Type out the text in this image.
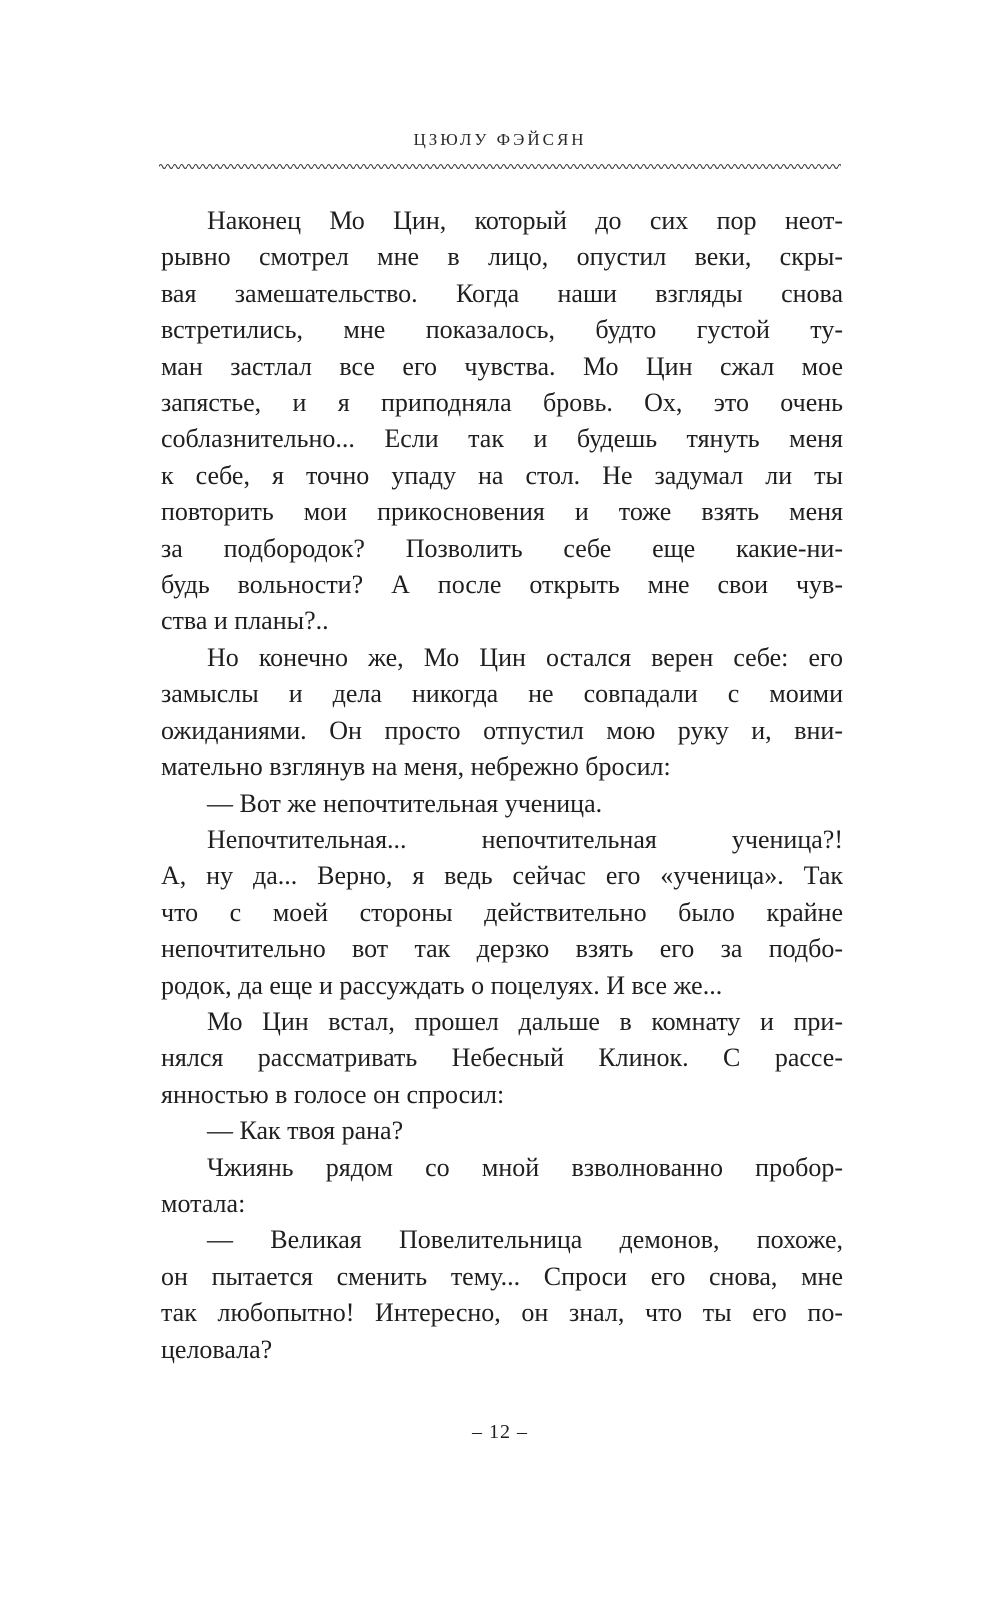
ЦЗЮЛУ ФЭЙСЯН
Наконец Мо Цин, который до сих пор неот-
рывно смотрел мне в лицо, опустил веки, скры-
вая замешательство. Когда наши взгляды снова
встретились, мне показалось, будто густой ту-
ман застлал все его чувства. Мо Цин сжал мое
запястье, и я приподняла бровь. Ох, это очень
соблазнительно... Если так и будешь тянуть меня
к себе, я точно упаду на стол. Не задумал ли ты
повторить мои прикосновения и тоже взять меня
за подбородок? Позволить себе еще какие-ни-
будь вольности? А после открыть мне свои чув-
ства и планы?..
Но конечно же, Мо Цин остался верен себе: его
замыслы и дела никогда не совпадали с моими
ожиданиями. Он просто отпустил мою руку и, вни-
мательно взглянув на меня, небрежно бросил:
— Вот же непочтительная ученица.
Непочтительная... непочтительная ученица?!
А, ну да... Верно, я ведь сейчас его «ученица». Так
что с моей стороны действительно было крайне
непочтительно вот так дерзко взять его за подбо-
родок, да еще и рассуждать о поцелуях. И все же...
Мо Цин встал, прошел дальше в комнату и при-
нялся рассматривать Небесный Клинок. С рассе-
янностью в голосе он спросил:
— Как твоя рана?
Чжиянь рядом со мной взволнованно пробор-
мотала:
— Великая Повелительница демонов, похоже,
он пытается сменить тему... Спроси его снова, мне
так любопытно! Интересно, он знал, что ты его по-
целовала?
– 12 –
